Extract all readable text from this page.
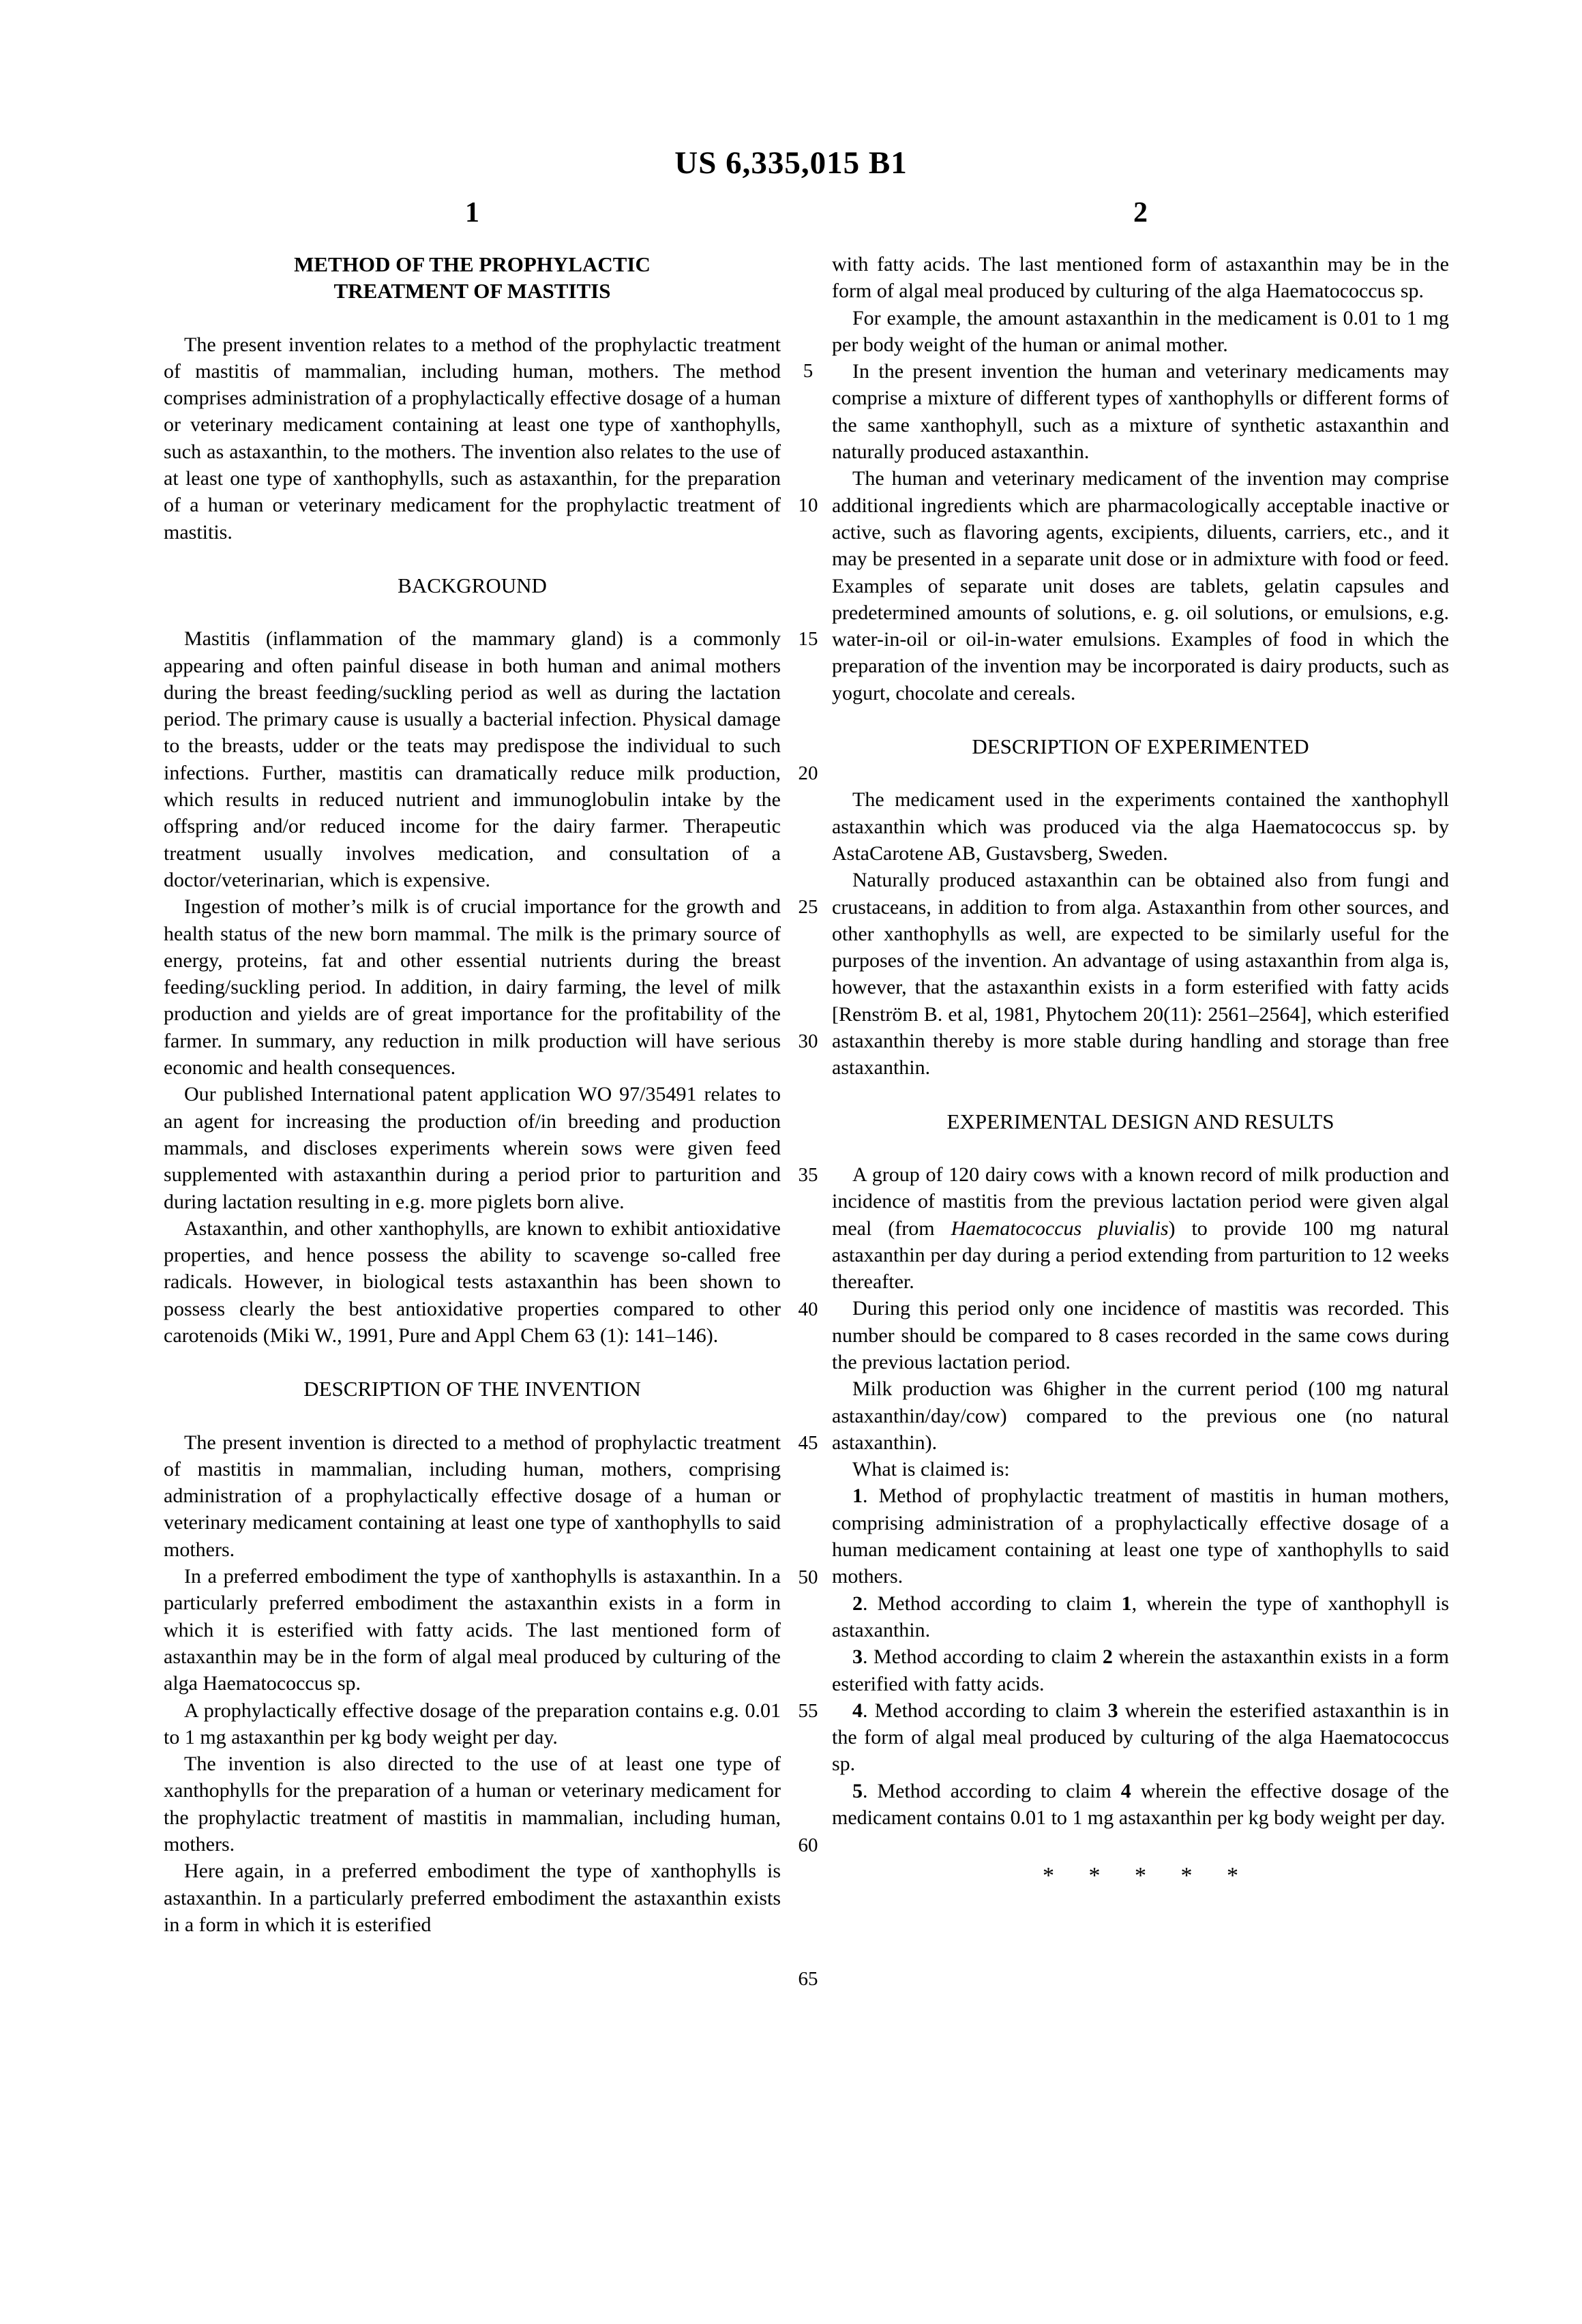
US 6,335,015 B1
1	2
METHOD OF THE PROPHYLACTIC
TREATMENT OF MASTITIS
The present invention relates to a method of the prophylactic treatment of mastitis of mammalian, including human, mothers. The method comprises administration of a prophylactically effective dosage of a human or veterinary medicament containing at least one type of xanthophylls, such as astaxanthin, to the mothers. The invention also relates to the use of at least one type of xanthophylls, such as astaxanthin, for the preparation of a human or veterinary medicament for the prophylactic treatment of mastitis.
BACKGROUND
Mastitis (inflammation of the mammary gland) is a commonly appearing and often painful disease in both human and animal mothers during the breast feeding/suckling period as well as during the lactation period. The primary cause is usually a bacterial infection. Physical damage to the breasts, udder or the teats may predispose the individual to such infections. Further, mastitis can dramatically reduce milk production, which results in reduced nutrient and immunoglobulin intake by the offspring and/or reduced income for the dairy farmer. Therapeutic treatment usually involves medication, and consultation of a doctor/veterinarian, which is expensive.
Ingestion of mother’s milk is of crucial importance for the growth and health status of the new born mammal. The milk is the primary source of energy, proteins, fat and other essential nutrients during the breast feeding/suckling period. In addition, in dairy farming, the level of milk production and yields are of great importance for the profitability of the farmer. In summary, any reduction in milk production will have serious economic and health consequences.
Our published International patent application WO 97/35491 relates to an agent for increasing the production of/in breeding and production mammals, and discloses experiments wherein sows were given feed supplemented with astaxanthin during a period prior to parturition and during lactation resulting in e.g. more piglets born alive.
Astaxanthin, and other xanthophylls, are known to exhibit antioxidative properties, and hence possess the ability to scavenge so-called free radicals. However, in biological tests astaxanthin has been shown to possess clearly the best antioxidative properties compared to other carotenoids (Miki W., 1991, Pure and Appl Chem 63 (1): 141–146).
DESCRIPTION OF THE INVENTION
The present invention is directed to a method of prophylactic treatment of mastitis in mammalian, including human, mothers, comprising administration of a prophylactically effective dosage of a human or veterinary medicament containing at least one type of xanthophylls to said mothers.
In a preferred embodiment the type of xanthophylls is astaxanthin. In a particularly preferred embodiment the astaxanthin exists in a form in which it is esterified with fatty acids. The last mentioned form of astaxanthin may be in the form of algal meal produced by culturing of the alga Haematococcus sp.
A prophylactically effective dosage of the preparation contains e.g. 0.01 to 1 mg astaxanthin per kg body weight per day.
The invention is also directed to the use of at least one type of xanthophylls for the preparation of a human or veterinary medicament for the prophylactic treatment of mastitis in mammalian, including human, mothers.
Here again, in a preferred embodiment the type of xanthophylls is astaxanthin. In a particularly preferred embodiment the astaxanthin exists in a form in which it is esterified
with fatty acids. The last mentioned form of astaxanthin may be in the form of algal meal produced by culturing of the alga Haematococcus sp.
For example, the amount astaxanthin in the medicament is 0.01 to 1 mg per body weight of the human or animal mother.
In the present invention the human and veterinary medicaments may comprise a mixture of different types of xanthophylls or different forms of the same xanthophyll, such as a mixture of synthetic astaxanthin and naturally produced astaxanthin.
The human and veterinary medicament of the invention may comprise additional ingredients which are pharmacologically acceptable inactive or active, such as flavoring agents, excipients, diluents, carriers, etc., and it may be presented in a separate unit dose or in admixture with food or feed. Examples of separate unit doses are tablets, gelatin capsules and predetermined amounts of solutions, e. g. oil solutions, or emulsions, e.g. water-in-oil or oil-in-water emulsions. Examples of food in which the preparation of the invention may be incorporated is dairy products, such as yogurt, chocolate and cereals.
DESCRIPTION OF EXPERIMENTED
The medicament used in the experiments contained the xanthophyll astaxanthin which was produced via the alga Haematococcus sp. by AstaCarotene AB, Gustavsberg, Sweden.
Naturally produced astaxanthin can be obtained also from fungi and crustaceans, in addition to from alga. Astaxanthin from other sources, and other xanthophylls as well, are expected to be similarly useful for the purposes of the invention. An advantage of using astaxanthin from alga is, however, that the astaxanthin exists in a form esterified with fatty acids [Renström B. et al, 1981, Phytochem 20(11): 2561–2564], which esterified astaxanthin thereby is more stable during handling and storage than free astaxanthin.
EXPERIMENTAL DESIGN AND RESULTS
A group of 120 dairy cows with a known record of milk production and incidence of mastitis from the previous lactation period were given algal meal (from Haematococcus pluvialis) to provide 100 mg natural astaxanthin per day during a period extending from parturition to 12 weeks thereafter.
During this period only one incidence of mastitis was recorded. This number should be compared to 8 cases recorded in the same cows during the previous lactation period.
Milk production was 6higher in the current period (100 mg natural astaxanthin/day/cow) compared to the previous one (no natural astaxanthin).
What is claimed is:
1. Method of prophylactic treatment of mastitis in human mothers, comprising administration of a prophylactically effective dosage of a human medicament containing at least one type of xanthophylls to said mothers.
2. Method according to claim 1, wherein the type of xanthophyll is astaxanthin.
3. Method according to claim 2 wherein the astaxanthin exists in a form esterified with fatty acids.
4. Method according to claim 3 wherein the esterified astaxanthin is in the form of algal meal produced by culturing of the alga Haematococcus sp.
5. Method according to claim 4 wherein the effective dosage of the medicament contains 0.01 to 1 mg astaxanthin per kg body weight per day.
* * * * *
5
10
15
20
25
30
35
40
45
50
55
60
65
